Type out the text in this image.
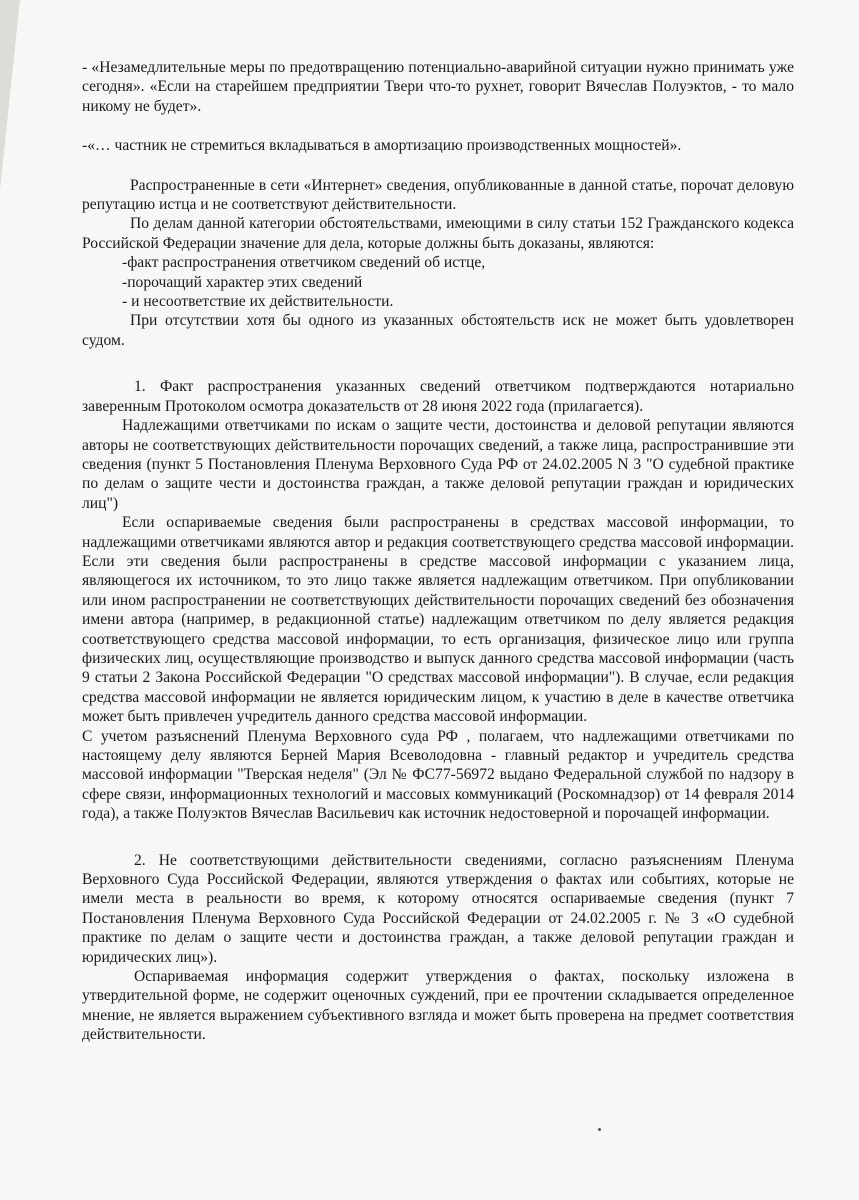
- «Незамедлительные меры по предотвращению потенциально-аварийной ситуации нужно принимать уже сегодня». «Если на старейшем предприятии Твери что-то рухнет, говорит Вячеслав Полуэктов, - то мало никому не будет».

-«… частник не стремиться вкладываться в амортизацию производственных мощностей».

Распространенные в сети «Интернет» сведения, опубликованные в данной статье, порочат деловую репутацию истца и не соответствуют действительности.

По делам данной категории обстоятельствами, имеющими в силу статьи 152 Гражданского кодекса Российской Федерации значение для дела, которые должны быть доказаны, являются:

-факт распространения ответчиком сведений об истце,

-порочащий характер этих сведений

- и несоответствие их действительности.

При отсутствии хотя бы одного из указанных обстоятельств иск не может быть удовлетворен судом.

1. Факт распространения указанных сведений ответчиком подтверждаются нотариально заверенным Протоколом осмотра доказательств от 28 июня 2022 года (прилагается).

Надлежащими ответчиками по искам о защите чести, достоинства и деловой репутации являются авторы не соответствующих действительности порочащих сведений, а также лица, распространившие эти сведения (пункт 5 Постановления Пленума Верховного Суда РФ от 24.02.2005 N 3 "О судебной практике по делам о защите чести и достоинства граждан, а также деловой репутации граждан и юридических лиц")

Если оспариваемые сведения были распространены в средствах массовой информации, то надлежащими ответчиками являются автор и редакция соответствующего средства массовой информации. Если эти сведения были распространены в средстве массовой информации с указанием лица, являющегося их источником, то это лицо также является надлежащим ответчиком. При опубликовании или ином распространении не соответствующих действительности порочащих сведений без обозначения имени автора (например, в редакционной статье) надлежащим ответчиком по делу является редакция соответствующего средства массовой информации, то есть организация, физическое лицо или группа физических лиц, осуществляющие производство и выпуск данного средства массовой информации (часть 9 статьи 2 Закона Российской Федерации "О средствах массовой информации"). В случае, если редакция средства массовой информации не является юридическим лицом, к участию в деле в качестве ответчика может быть привлечен учредитель данного средства массовой информации.

С учетом разъяснений Пленума Верховного суда РФ , полагаем, что надлежащими ответчиками по настоящему делу являются Берней Мария Всеволодовна - главный редактор и учредитель средства массовой информации "Тверская неделя" (Эл № ФС77-56972 выдано Федеральной службой по надзору в сфере связи, информационных технологий и массовых коммуникаций (Роскомнадзор) от 14 февраля 2014 года), а также Полуэктов Вячеслав Васильевич как источник недостоверной и порочащей информации.

2. Не соответствующими действительности сведениями, согласно разъяснениям Пленума Верховного Суда Российской Федерации, являются утверждения о фактах или событиях, которые не имели места в реальности во время, к которому относятся оспариваемые сведения (пункт 7 Постановления Пленума Верховного Суда Российской Федерации от 24.02.2005 г. № 3 «О судебной практике по делам о защите чести и достоинства граждан, а также деловой репутации граждан и юридических лиц»).

Оспариваемая информация содержит утверждения о фактах, поскольку изложена в утвердительной форме, не содержит оценочных суждений, при ее прочтении складывается определенное мнение, не является выражением субъективного взгляда и может быть проверена на предмет соответствия действительности.
